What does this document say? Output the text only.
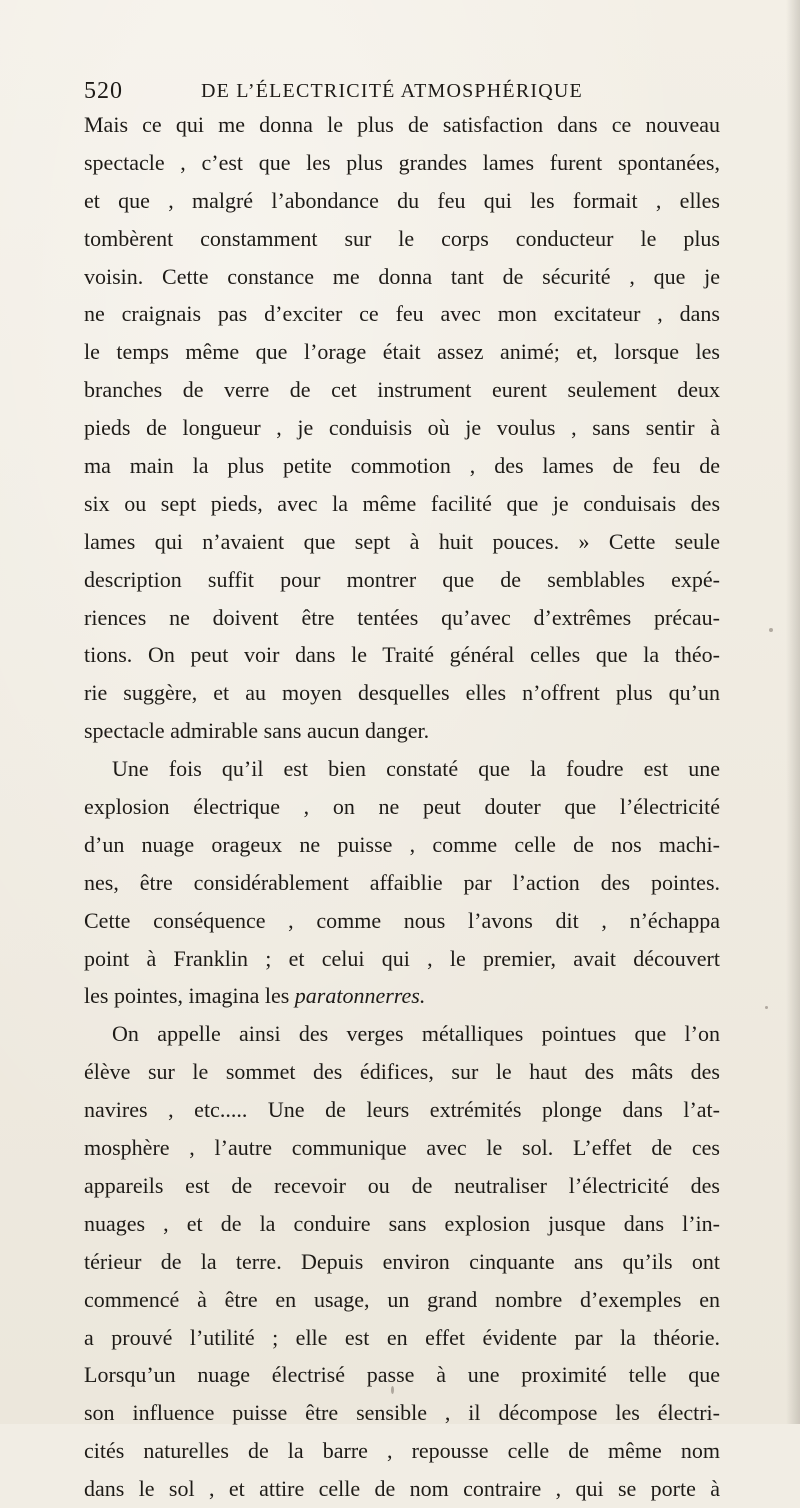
520	DE L’ÉLECTRICITÉ ATMOSPHÉRIQUE
Mais ce qui me donna le plus de satisfaction dans ce nouveau
spectacle , c’est que les plus grandes lames furent spontanées,
et que , malgré l’abondance du feu qui les formait , elles
tombèrent constamment sur le corps conducteur le plus
voisin. Cette constance me donna tant de sécurité , que je
ne craignais pas d’exciter ce feu avec mon excitateur , dans
le temps même que l’orage était assez animé; et, lorsque les
branches de verre de cet instrument eurent seulement deux
pieds de longueur , je conduisis où je voulus , sans sentir à
ma main la plus petite commotion , des lames de feu de
six ou sept pieds, avec la même facilité que je conduisais des
lames qui n’avaient que sept à huit pouces. » Cette seule
description suffit pour montrer que de semblables expé-
riences ne doivent être tentées qu’avec d’extrêmes précau-
tions. On peut voir dans le Traité général celles que la théo-
rie suggère, et au moyen desquelles elles n’offrent plus qu’un
spectacle admirable sans aucun danger.
Une fois qu’il est bien constaté que la foudre est une
explosion électrique , on ne peut douter que l’électricité
d’un nuage orageux ne puisse , comme celle de nos machi-
nes, être considérablement affaiblie par l’action des pointes.
Cette conséquence , comme nous l’avons dit , n’échappa
point à Franklin ; et celui qui , le premier, avait découvert
les pointes, imagina les paratonnerres.
On appelle ainsi des verges métalliques pointues que l’on
élève sur le sommet des édifices, sur le haut des mâts des
navires , etc..... Une de leurs extrémités plonge dans l’at-
mosphère , l’autre communique avec le sol. L’effet de ces
appareils est de recevoir ou de neutraliser l’électricité des
nuages , et de la conduire sans explosion jusque dans l’in-
térieur de la terre. Depuis environ cinquante ans qu’ils ont
commencé à être en usage, un grand nombre d’exemples en
a prouvé l’utilité ; elle est en effet évidente par la théorie.
Lorsqu’un nuage électrisé passe à une proximité telle que
son influence puisse être sensible , il décompose les électri-
cités naturelles de la barre , repousse celle de même nom
dans le sol , et attire celle de nom contraire , qui se porte à
